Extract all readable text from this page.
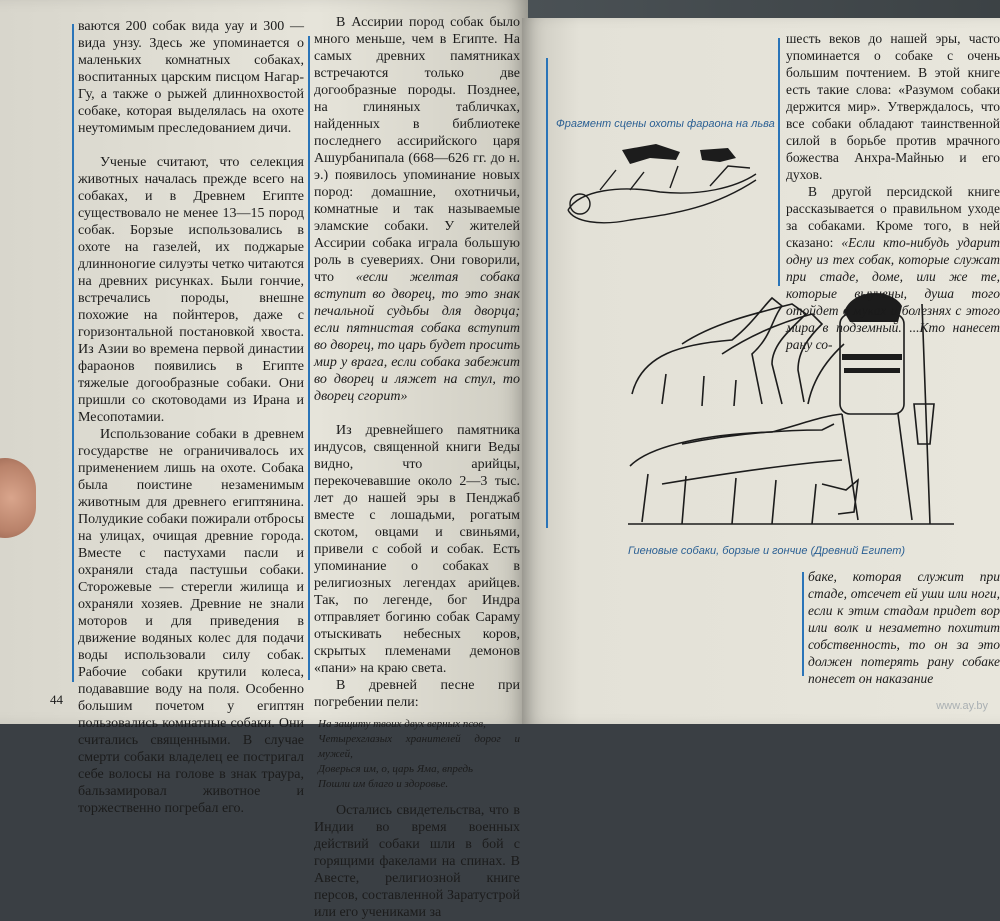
ваются 200 собак вида уау и 300 — вида унзу. Здесь же упоминается о маленьких комнатных собаках, воспитанных царским писцом Нагар-Гу, а также о рыжей длиннохвостой собаке, которая выделялась на охоте неутомимым преследованием дичи.

Ученые считают, что селекция животных началась прежде всего на собаках, и в Древнем Египте существовало не менее 13—15 пород собак. Борзые использовались в охоте на газелей, их поджарые длинноногие силуэты четко читаются на древних рисунках. Были гончие, встречались породы, внешне похожие на пойнтеров, даже с горизонтальной постановкой хвоста. Из Азии во времена первой династии фараонов появились в Египте тяжелые догообразные собаки. Они пришли со скотоводами из Ирана и Месопотамии.

Использование собаки в древнем государстве не ограничивалось их применением лишь на охоте. Собака была поистине незаменимым животным для древнего египтянина. Полудикие собаки пожирали отбросы на улицах, очищая древние города. Вместе с пастухами пасли и охраняли стада пастушьи собаки. Сторожевые — стерегли жилища и охраняли хозяев. Древние не знали моторов и для приведения в движение водяных колес для подачи воды использовали силу собак. Рабочие собаки крутили колеса, подававшие воду на поля. Особенно большим почетом у египтян пользовались комнатные собаки. Они считались священными. В случае смерти собаки владелец ее постригал себе волосы на голове в знак траура, бальзамировал животное и торжественно погребал его.

В Ассирии пород собак было много меньше, чем в Египте. На самых древних памятниках встречаются только две догообразные породы. Позднее, на глиняных табличках, найденных в библиотеке последнего ассирийского царя Ашурбанипала (668—626 гг. до н. э.) появилось упоминание новых пород: домашние, охотничьи, комнатные и так называемые эламские собаки. У жителей Ассирии собака играла большую роль в суевериях. Они говорили, что «если желтая собака вступит во дворец, то это знак печальной судьбы для дворца; если пятнистая собака вступит во дворец, то царь будет просить мир у врага, если собака забежит во дворец и ляжет на стул, то дворец сгорит»

Из древнейшего памятника индусов, священной книги Веды видно, что арийцы, перекочевавшие около 2—3 тыс. лет до нашей эры в Пенджаб вместе с лошадьми, рогатым скотом, овцами и свиньями, привели с собой и собак. Есть упоминание о собаках в религиозных легендах арийцев. Так, по легенде, бог Индра отправляет богиню собак Сараму отыскивать небесных коров, скрытых племенами демонов «пани» на краю света.

В древней песне при погребении пели:

На защиту твоих двух верных псов,
Четырехглазых хранителей дорог и мужей,
Доверься им, о, царь Яма, впредь
Пошли им благо и здоровье.

Остались свидетельства, что в Индии во время военных действий собаки шли в бой с горящими факелами на спинах. В Авесте, религиозной книге персов, составленной Заратустрой или его учениками за

44
Фрагмент сцены охоты фараона на льва
Гиеновые собаки, борзые и гончие (Древний Египет)

шесть веков до нашей эры, часто упоминается о собаке с очень большим почтением. В этой книге есть такие слова: «Разумом собаки держится мир». Утверждалось, что все собаки обладают таинственной силой в борьбе против мрачного божества Анхра-Майнью и его духов.

В другой персидской книге рассказывается о правильном уходе за собаками. Кроме того, в ней сказано: «Если кто-нибудь ударит одну из тех собак, которые служат при стаде, доме, или же те, которые выучены, душа того отойдет в муках и болезнях с этого мира в подземный. ...Кто нанесет рану со-

баке, которая служит при стаде, отсечет ей уши или ноги, если к этим стадам придет вор или волк и незаметно похитит собственность, то он за это должен потерять рану собаке понесет он наказание

www.ay.by
